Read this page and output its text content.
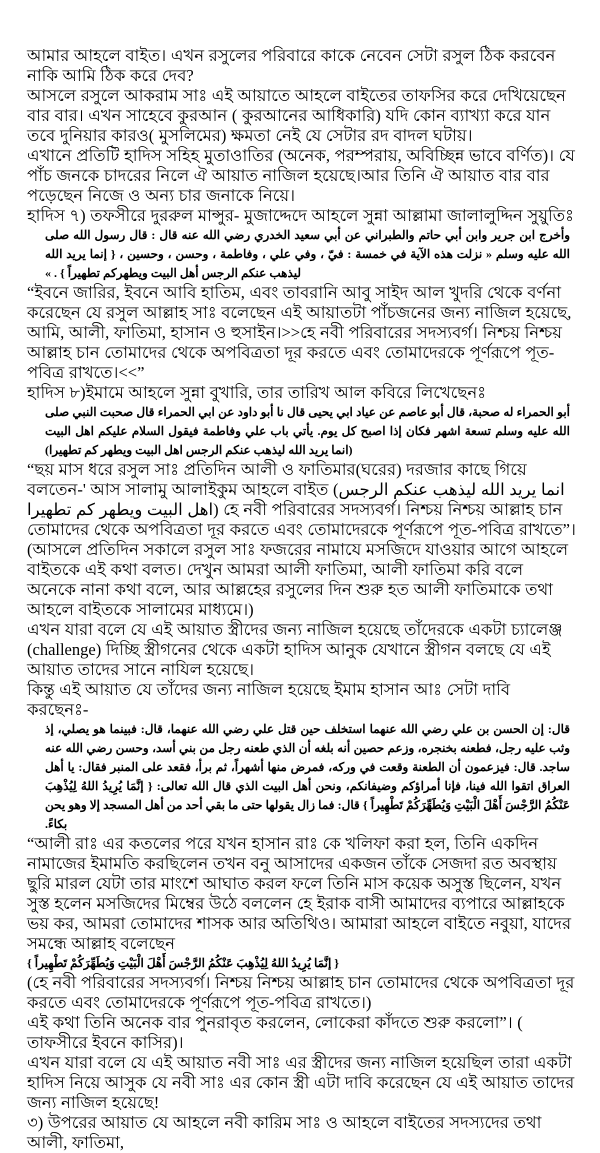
আমার আহলে বাইত। এখন রসুলের পরিবারে কাকে নেবেন সেটা রসুল ঠিক করবেন নাকি আমি ঠিক করে দেব?

আসলে রসুলে আকরাম সাঃ এই আয়াতে আহলে বাইতের তাফসির করে দেখিয়েছেন বার বার। এখন সাহেবে কুরআন ( কুরআনের আধিকারি) যদি কোন ব্যাখ্যা করে যান তবে দুনিয়ার কারও( মুসলিমের) ক্ষমতা নেই যে সেটার রদ বাদল ঘটায়।

এখানে প্রতিটি হাদিস সহিহ মুতাওাতির (অনেক, পরম্পরায়, অবিচ্ছিন্ন ভাবে বর্ণিত)। যে পাঁচ জনকে চাদরের নিলে ঐ আয়াত নাজিল হয়েছে।আর তিনি ঐ আয়াত বার বার পড়েছেন নিজে ও অন্য চার জনাকে নিয়ে।

হাদিস ৭) তফসীরে দুররুল মান্সুর- মুজাদ্দেদে আহলে সুন্না আল্লামা জালালুদ্দিন সুয়ুতিঃ

وأخرج ابن جرير وابن أبي حاتم والطبراني عن أبي سعيد الخدري رضي الله عنه قال : قال رسول الله صلى الله عليه وسلم « نزلت هذه الآية في خمسة : فيّ ، وفي علي ، وفاطمة ، وحسن ، وحسين ، { إنما يريد الله ليذهب عنكم الرجس أهل البيت ويطهركم تطهيراً } . »

“ইবনে জারির, ইবনে আবি হাতিম, এবং তাবরানি আবু সাইদ আল খুদরি থেকে বর্ণনা করেছেন যে রসুল আল্লাহ সাঃ বলেছেন এই আয়াতটা পাঁচজনের জন্য নাজিল হয়েছে, আমি, আলী, ফাতিমা, হাসান ও হুসাইন।>>হে নবী পরিবারের সদস্যবর্গ। নিশ্চয় নিশ্চয় আল্লাহ চান তোমাদের থেকে অপবিত্রতা দূর করতে এবং তোমাদেরকে পূর্ণরূপে পূত-পবিত্র রাখতে।<<”

হাদিস ৮)ইমামে আহলে সুন্না বুখারি, তার তারিখ আল কবিরে লিখেছেনঃ

أبو الحمراء له صحبة، قال أبو عاصم عن عياد ابي يحيى قال نا أبو داود عن ابي الحمراء قال صحبت النبي صلى الله عليه وسلم تسعة اشهر فكان إذا اصبح كل يوم. يأتي باب علي وفاطمة فيقول السلام عليكم اهل البيت (انما يريد الله ليذهب عنكم الرجس اهل البيت ويطهر كم تطهيرا)

“ছয় মাস ধরে রসুল সাঃ প্রতিদিন আলী ও ফাতিমার(ঘরের) দরজার কাছে গিয়ে বলতেন-' আস সালামু আলাইকুম আহলে বাইত (انما يريد الله ليذهب عنكم الرجس اهل البيت ويطهر كم تطهيرا) হে নবী পরিবারের সদস্যবর্গ। নিশ্চয় নিশ্চয় আল্লাহ চান তোমাদের থেকে অপবিত্রতা দূর করতে এবং তোমাদেরকে পূর্ণরূপে পূত-পবিত্র রাখতে”।

(আসলে প্রতিদিন সকালে রসুল সাঃ ফজরের নামাযে মসজিদে যাওয়ার আগে আহলে বাইতকে এই কথা বলত। দেখুন আমরা আলী ফাতিমা, আলী ফাতিমা করি বলে অনেকে নানা কথা বলে, আর আল্লহের রসুলের দিন শুরু হত আলী ফাতিমাকে তথা আহলে বাইতকে সালামের মাধ্যমে।)

এখন যারা বলে যে এই আয়াত স্ত্রীদের জন্য নাজিল হয়েছে তাঁদেরকে একটা চ্যালেঞ্জ (challenge) দিচ্ছি স্ত্রীগনের থেকে একটা হাদিস আনুক যেখানে স্ত্রীগন বলছে যে এই আয়াত তাদের সানে নাযিল হয়েছে।

কিন্তু এই আয়াত যে তাঁদের জন্য নাজিল হয়েছে ইমাম হাসান আঃ সেটা দাবি করছেনঃ-

قال: إن الحسن بن علي رضي الله عنهما استخلف حين قتل علي رضي الله عنهما، قال: فبينما هو يصلي، إذ وثب عليه رجل، فطعنه بخنجره، وزعم حصين أنه بلغه أن الذي طعنه رجل من بني أسد، وحسن رضي الله عنه ساجد. قال: فيزعمون أن الطعنة وقعت في وركه، فمرض منها أشهراً، ثم برأ، فقعد على المنبر فقال: يا أهل العراق اتقوا الله فينا، فإنا أمراؤكم وضيفانكم، ونحن أهل البيت الذي قال الله تعالى: { إنَّمَا يُرِيدُ اللهُ لِيُذْهِبَ عَنْكُمُ الرَّجْسَ أَهْلَ الْبَيْتِ وَيُطَهِّرَكُمْ تَطْهِيراً } قال: فما زال يقولها حتى ما بقي أحد من أهل المسجد إلا وهو يحن بكاءً.

“আলী রাঃ এর কতলের পরে যখন হাসান রাঃ কে খলিফা করা হল, তিনি একদিন নামাজের ইমামতি করছিলেন তখন বনু আসাদের একজন তাঁকে সেজদা রত অবস্থায় ছুরি মারল যেটা তার মাংশে আঘাত করল ফলে তিনি মাস কয়েক অসুস্ত ছিলেন, যখন সুস্ত হলেন মসজিদের মিম্বের উঠে বললেন হে ইরাক বাসী আমাদের ব্যপারে আল্লাহকে ভয় কর, আমরা তোমাদের শাসক আর অতিথিও। আমারা আহলে বাইতে নবুয়া, যাদের সমন্ধে আল্লাহ বলেছেন

{ إنَّمَا يُرِيدُ اللهُ لِيُذْهِبَ عَنْكُمُ الرَّجْسَ أَهْلَ الْبَيْتِ وَيُطَهِّرَكُمْ تَطْهِيراً }

(হে নবী পরিবারের সদস্যবর্গ। নিশ্চয় নিশ্চয় আল্লাহ চান তোমাদের থেকে অপবিত্রতা দূর করতে এবং তোমাদেরকে পূর্ণরূপে পূত-পবিত্র রাখতে।)

এই কথা তিনি অনেক বার পুনরাবৃত করলেন, লোকেরা কাঁদতে শুরু করলো”। ( তাফসীরে ইবনে কাসির)।

এখন যারা বলে যে এই আয়াত নবী সাঃ এর স্ত্রীদের জন্য নাজিল হয়েছিল তারা একটা হাদিস নিয়ে আসুক যে নবী সাঃ এর কোন স্ত্রী এটা দাবি করেছেন যে এই আয়াত তাদের জন্য নাজিল হয়েছে!

৩) উপরের আয়াত যে আহলে নবী কারিম সাঃ ও আহলে বাইতের সদস্যদের তথা আলী, ফাতিমা,
